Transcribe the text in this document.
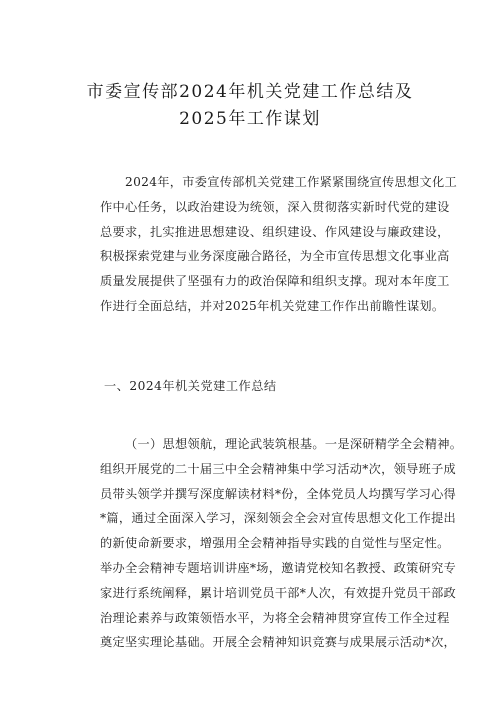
市委宣传部2024年机关党建工作总结及
2025年工作谋划
2024年，市委宣传部机关党建工作紧紧围绕宣传思想文化工
作中心任务，以政治建设为统领，深入贯彻落实新时代党的建设
总要求，扎实推进思想建设、组织建设、作风建设与廉政建设，
积极探索党建与业务深度融合路径，为全市宣传思想文化事业高
质量发展提供了坚强有力的政治保障和组织支撑。现对本年度工
作进行全面总结，并对2025年机关党建工作作出前瞻性谋划。
一、2024年机关党建工作总结
（一）思想领航，理论武装筑根基。一是深研精学全会精神。
组织开展党的二十届三中全会精神集中学习活动*次，领导班子成
员带头领学并撰写深度解读材料*份，全体党员人均撰写学习心得
*篇，通过全面深入学习，深刻领会全会对宣传思想文化工作提出
的新使命新要求，增强用全会精神指导实践的自觉性与坚定性。
举办全会精神专题培训讲座*场，邀请党校知名教授、政策研究专
家进行系统阐释，累计培训党员干部*人次，有效提升党员干部政
治理论素养与政策领悟水平，为将全会精神贯穿宣传工作全过程
奠定坚实理论基础。开展全会精神知识竞赛与成果展示活动*次，
